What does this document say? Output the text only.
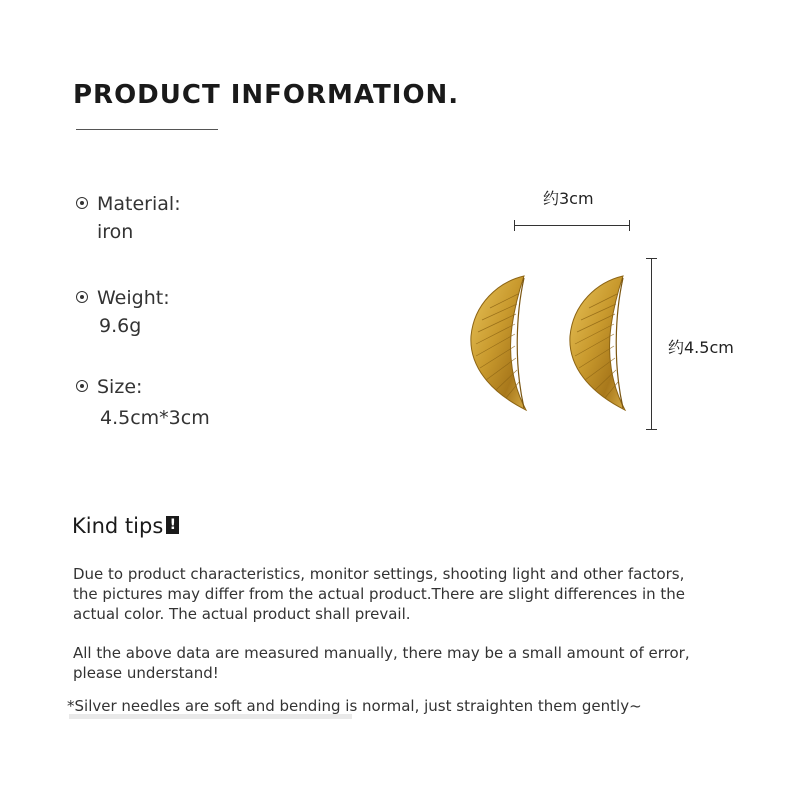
PRODUCT INFORMATION.
Material:
iron
Weight:
9.6g
Size:
4.5cm*3cm
约3cm
约4.5cm
Kind tips !
Due to product characteristics, monitor settings, shooting light and other factors, the pictures may differ from the actual product.There are slight differences in the actual color. The actual product shall prevail.
All the above data are measured manually, there may be a small amount of error, please understand!
*Silver needles are soft and bending is normal, just straighten them gently~
